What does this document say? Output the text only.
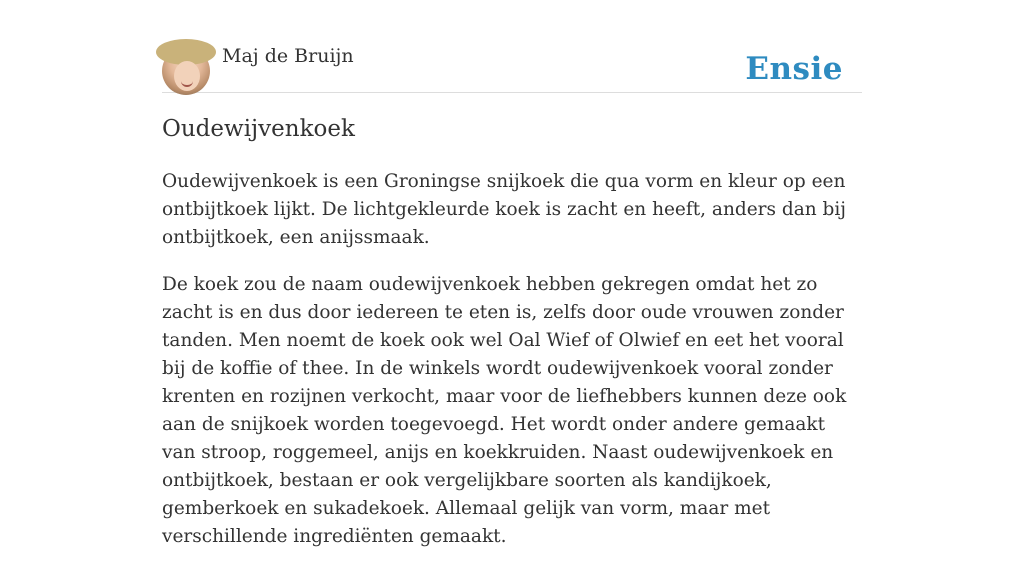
Maj de Bruijn	Ensie
Oudewijvenkoek

Oudewijvenkoek is een Groningse snijkoek die qua vorm en kleur op een ontbijtkoek lijkt. De lichtgekleurde koek is zacht en heeft, anders dan bij ontbijtkoek, een anijssmaak.

De koek zou de naam oudewijvenkoek hebben gekregen omdat het zo zacht is en dus door iedereen te eten is, zelfs door oude vrouwen zonder tanden. Men noemt de koek ook wel Oal Wief of Olwief en eet het vooral bij de koffie of thee. In de winkels wordt oudewijvenkoek vooral zonder krenten en rozijnen verkocht, maar voor de liefhebbers kunnen deze ook aan de snijkoek worden toegevoegd. Het wordt onder andere gemaakt van stroop, roggemeel, anijs en koekkruiden. Naast oudewijvenkoek en ontbijtkoek, bestaan er ook vergelijkbare soorten als kandijkoek, gemberkoek en sukadekoek. Allemaal gelijk van vorm, maar met verschillende ingrediënten gemaakt.
